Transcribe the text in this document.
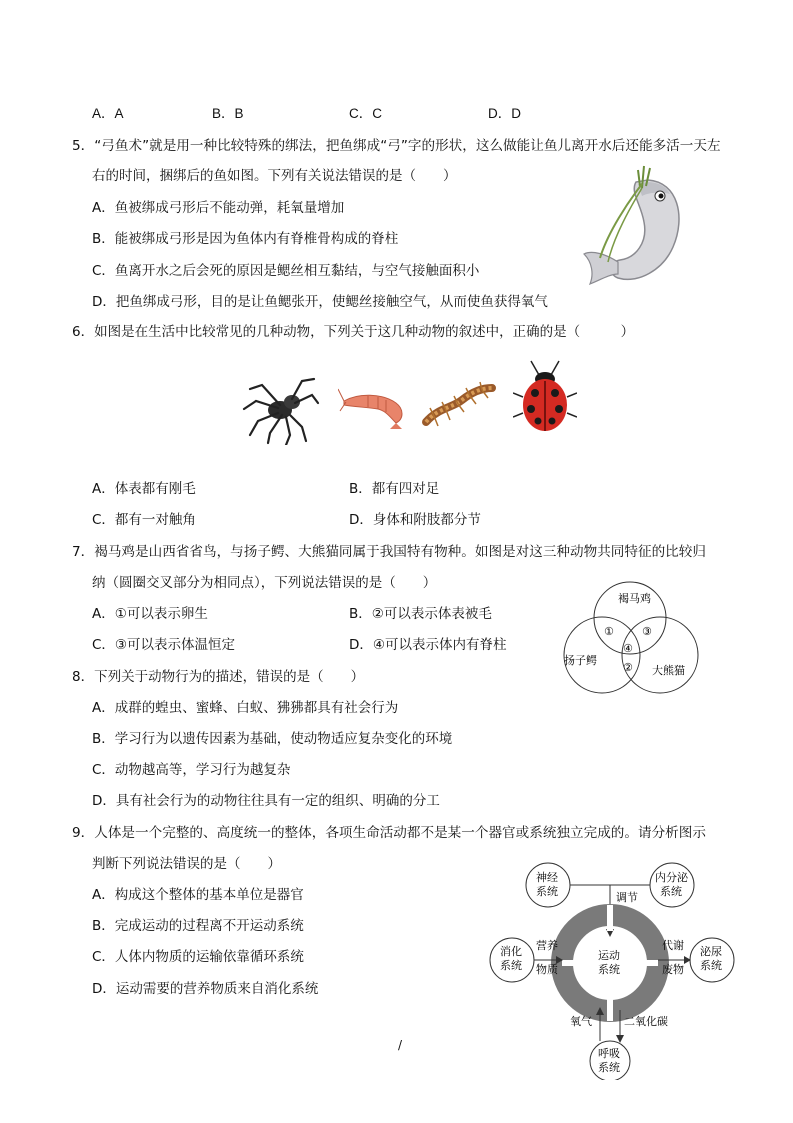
A．A	B．B	C．C	D．D
5．“弓鱼术”就是用一种比较特殊的绑法，把鱼绑成“弓”字的形状，这么做能让鱼儿离开水后还能多活一天左
右的时间，捆绑后的鱼如图。下列有关说法错误的是（　　）
A．鱼被绑成弓形后不能动弹，耗氧量增加
B．能被绑成弓形是因为鱼体内有脊椎骨构成的脊柱
C．鱼离开水之后会死的原因是鳃丝相互黏结，与空气接触面积小
D．把鱼绑成弓形，目的是让鱼鳃张开，使鳃丝接触空气，从而使鱼获得氧气
6．如图是在生活中比较常见的几种动物，下列关于这几种动物的叙述中，正确的是（　　　）
A．体表都有刚毛	B．都有四对足
C．都有一对触角	D．身体和附肢都分节
7．褐马鸡是山西省省鸟，与扬子鳄、大熊猫同属于我国特有物种。如图是对这三种动物共同特征的比较归
纳（圆圈交叉部分为相同点），下列说法错误的是（　　）
A．①可以表示卵生	B．②可以表示体表被毛
C．③可以表示体温恒定	D．④可以表示体内有脊柱
褐马鸡
扬子鳄
大熊猫
①	③
④
②
8．下列关于动物行为的描述，错误的是（　　）
A．成群的蝗虫、蜜蜂、白蚁、狒狒都具有社会行为
B．学习行为以遗传因素为基础，使动物适应复杂变化的环境
C．动物越高等，学习行为越复杂
D．具有社会行为的动物往往具有一定的组织、明确的分工
9．人体是一个完整的、高度统一的整体，各项生命活动都不是某一个器官或系统独立完成的。请分析图示
判断下列说法错误的是（　　）
A．构成这个整体的基本单位是器官
B．完成运动的过程离不开运动系统
C．人体内物质的运输依靠循环系统
D．运动需要的营养物质来自消化系统
神经
系统
内分泌
系统
调节
运动
系统
消化
系统
营养
物质
代谢
废物
泌尿
系统
氧气	二氧化碳
呼吸
系统
/
